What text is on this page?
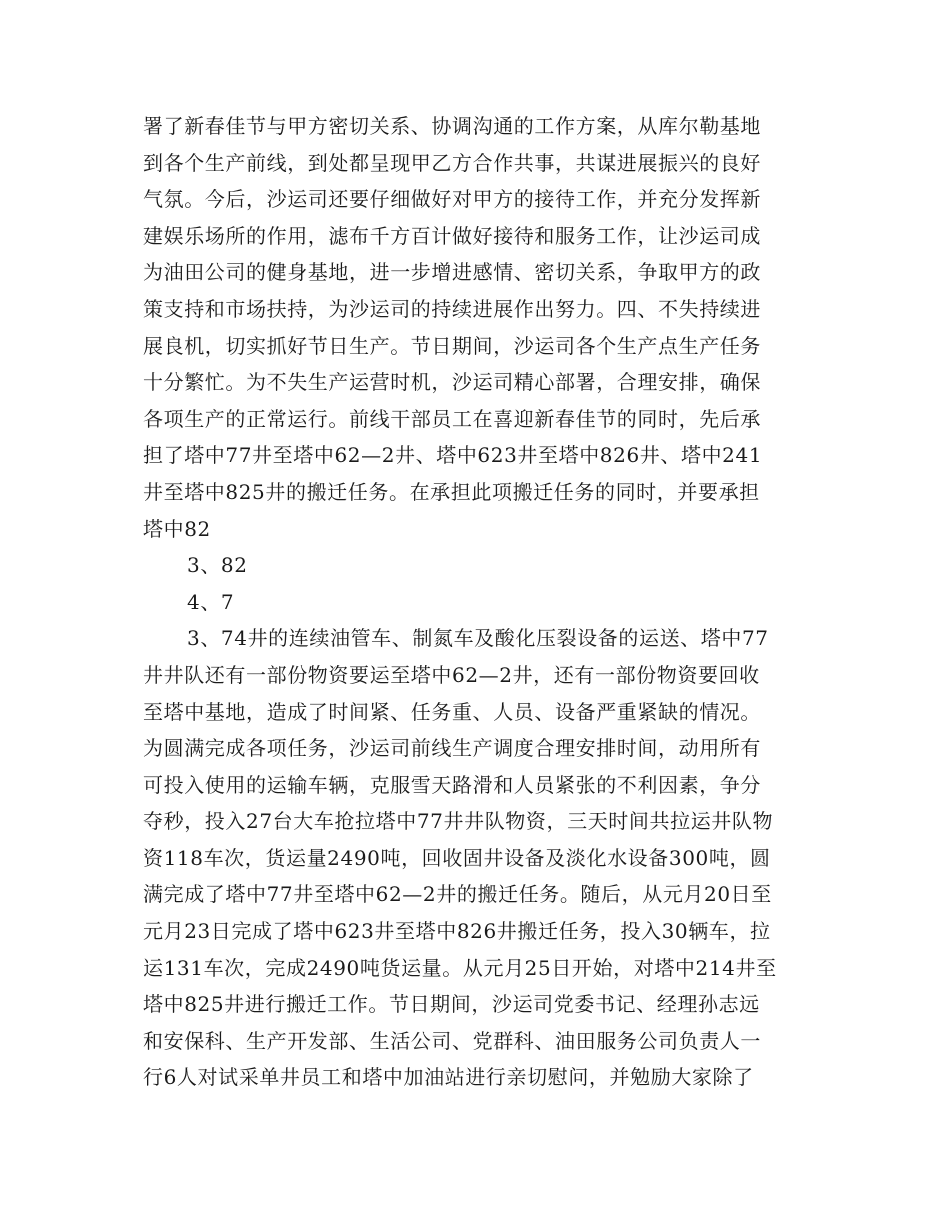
署了新春佳节与甲方密切关系、协调沟通的工作方案，从库尔勒基地
到各个生产前线，到处都呈现甲乙方合作共事，共谋进展振兴的良好
气氛。今后，沙运司还要仔细做好对甲方的接待工作，并充分发挥新
建娱乐场所的作用，滤布千方百计做好接待和服务工作，让沙运司成
为油田公司的健身基地，进一步增进感情、密切关系，争取甲方的政
策支持和市场扶持，为沙运司的持续进展作出努力。四、不失持续进
展良机，切实抓好节日生产。节日期间，沙运司各个生产点生产任务
十分繁忙。为不失生产运营时机，沙运司精心部署，合理安排，确保
各项生产的正常运行。前线干部员工在喜迎新春佳节的同时，先后承
担了塔中77井至塔中62—2井、塔中623井至塔中826井、塔中241
井至塔中825井的搬迁任务。在承担此项搬迁任务的同时，并要承担
塔中82
3、82
4、7
3、74井的连续油管车、制氮车及酸化压裂设备的运送、塔中77
井井队还有一部份物资要运至塔中62—2井，还有一部份物资要回收
至塔中基地，造成了时间紧、任务重、人员、设备严重紧缺的情况。
为圆满完成各项任务，沙运司前线生产调度合理安排时间，动用所有
可投入使用的运输车辆，克服雪天路滑和人员紧张的不利因素，争分
夺秒，投入27台大车抢拉塔中77井井队物资，三天时间共拉运井队物
资118车次，货运量2490吨，回收固井设备及淡化水设备300吨，圆
满完成了塔中77井至塔中62—2井的搬迁任务。随后，从元月20日至
元月23日完成了塔中623井至塔中826井搬迁任务，投入30辆车，拉
运131车次，完成2490吨货运量。从元月25日开始，对塔中214井至
塔中825井进行搬迁工作。节日期间，沙运司党委书记、经理孙志远
和安保科、生产开发部、生活公司、党群科、油田服务公司负责人一
行6人对试采单井员工和塔中加油站进行亲切慰问，并勉励大家除了
